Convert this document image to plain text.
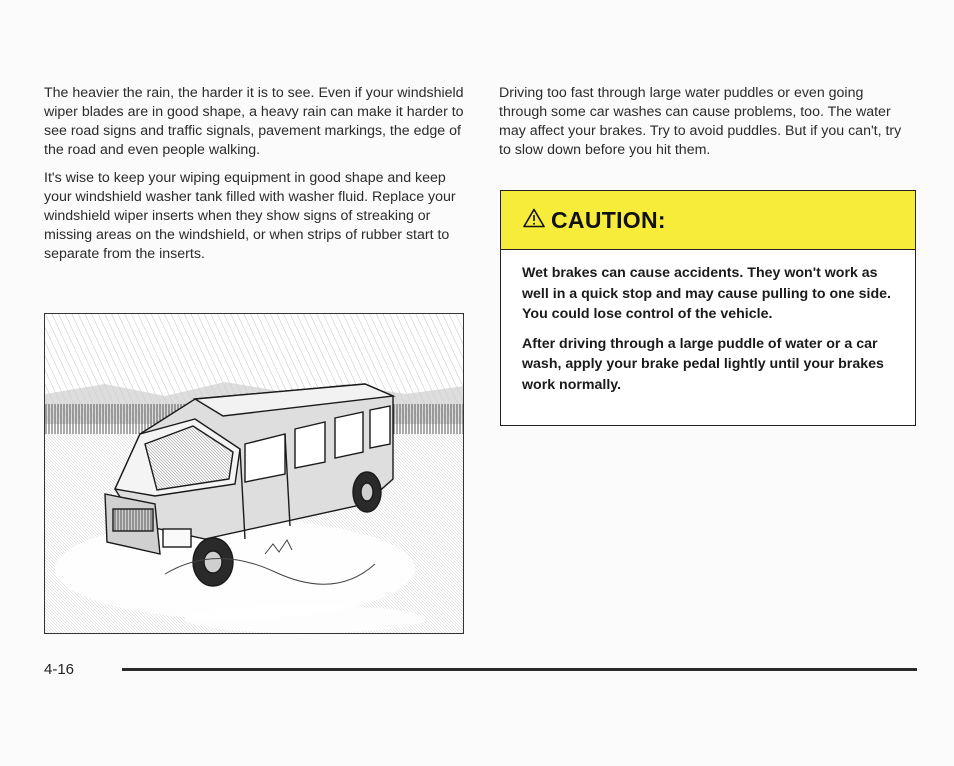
The heavier the rain, the harder it is to see. Even if your windshield wiper blades are in good shape, a heavy rain can make it harder to see road signs and traffic signals, pavement markings, the edge of the road and even people walking.

It's wise to keep your wiping equipment in good shape and keep your windshield washer tank filled with washer fluid. Replace your windshield wiper inserts when they show signs of streaking or missing areas on the windshield, or when strips of rubber start to separate from the inserts.

Driving too fast through large water puddles or even going through some car washes can cause problems, too. The water may affect your brakes. Try to avoid puddles. But if you can't, try to slow down before you hit them.

CAUTION:

Wet brakes can cause accidents. They won't work as well in a quick stop and may cause pulling to one side. You could lose control of the vehicle.

After driving through a large puddle of water or a car wash, apply your brake pedal lightly until your brakes work normally.

4-16
